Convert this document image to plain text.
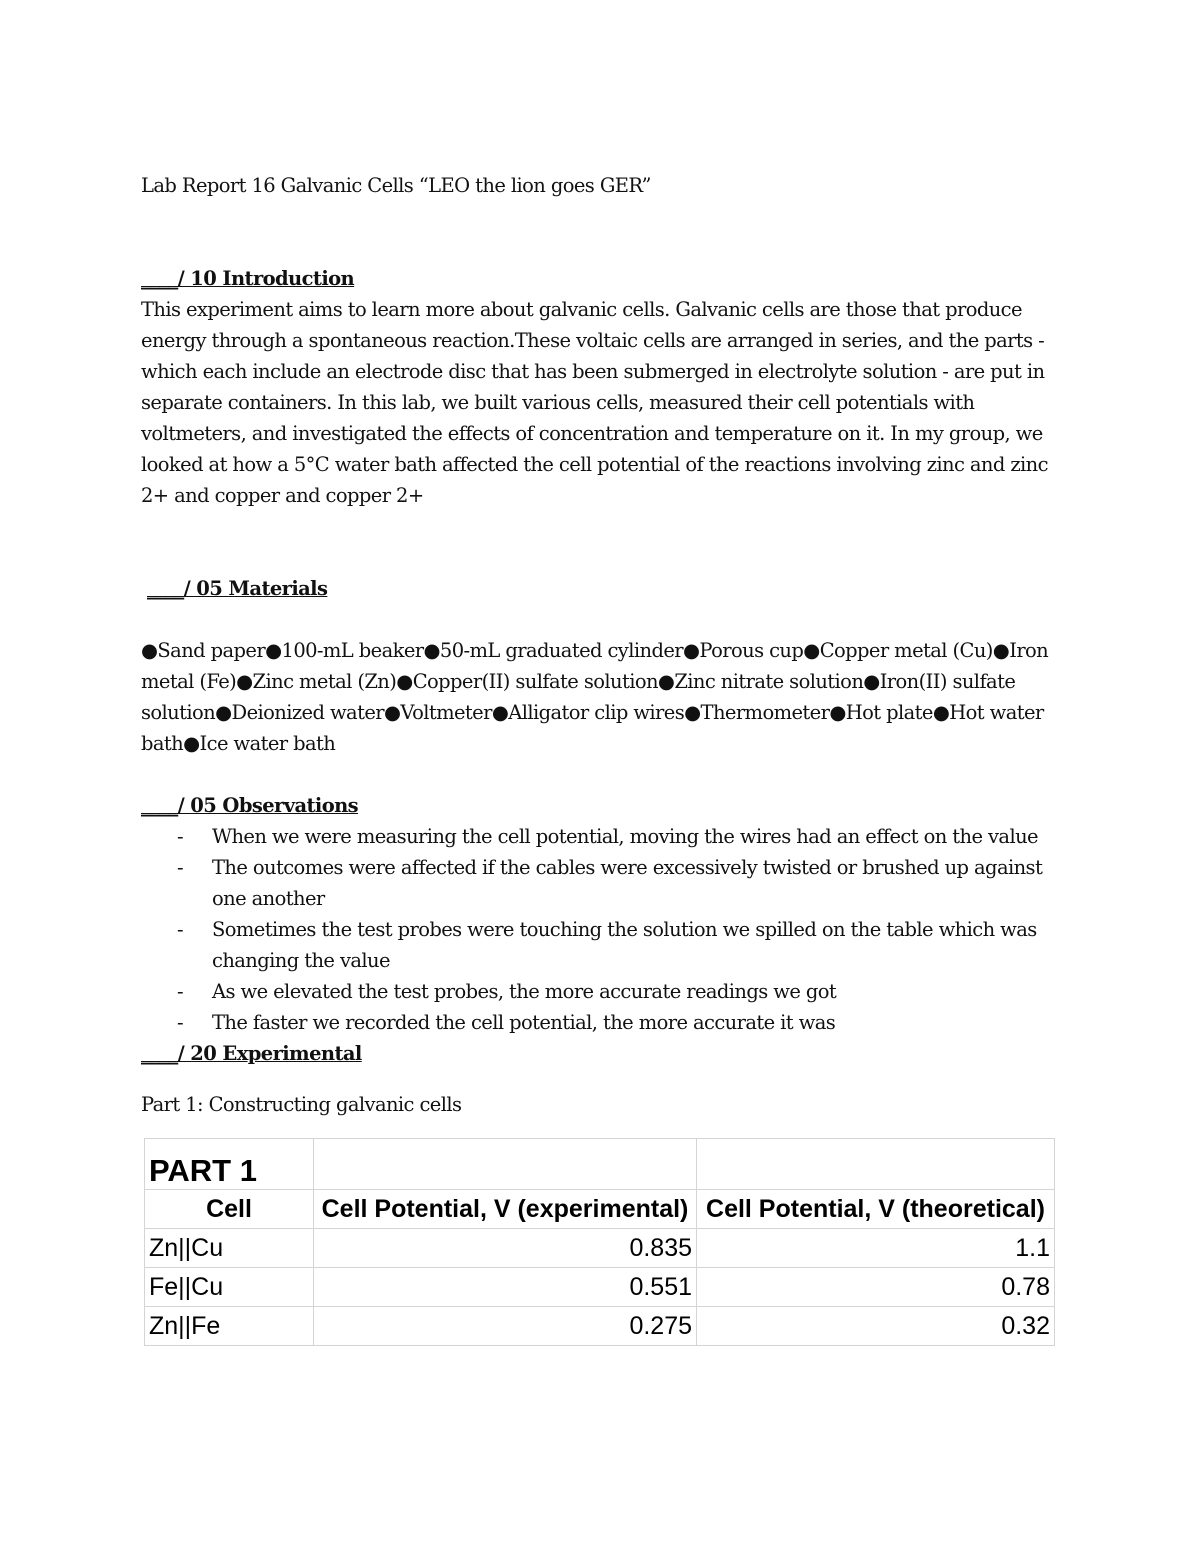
Lab Report 16 Galvanic Cells “LEO the lion goes GER”

____/ 10 Introduction

This experiment aims to learn more about galvanic cells. Galvanic cells are those that produce energy through a spontaneous reaction.These voltaic cells are arranged in series, and the parts - which each include an electrode disc that has been submerged in electrolyte solution - are put in separate containers. In this lab, we built various cells, measured their cell potentials with voltmeters, and investigated the effects of concentration and temperature on it. In my group, we looked at how a 5°C water bath affected the cell potential of the reactions involving zinc and zinc 2+ and copper and copper 2+

____/ 05 Materials

●Sand paper●100-mL beaker●50-mL graduated cylinder●Porous cup●Copper metal (Cu)●Iron metal (Fe)●Zinc metal (Zn)●Copper(II) sulfate solution●Zinc nitrate solution●Iron(II) sulfate solution●Deionized water●Voltmeter●Alligator clip wires●Thermometer●Hot plate●Hot water bath●Ice water bath

____/ 05 Observations

- When we were measuring the cell potential, moving the wires had an effect on the value
- The outcomes were affected if the cables were excessively twisted or brushed up against one another
- Sometimes the test probes were touching the solution we spilled on the table which was changing the value
- As we elevated the test probes, the more accurate readings we got
- The faster we recorded the cell potential, the more accurate it was

____/ 20 Experimental

Part 1: Constructing galvanic cells

PART 1		
Cell	Cell Potential, V (experimental)	Cell Potential, V (theoretical)
Zn||Cu	0.835	1.1
Fe||Cu	0.551	0.78
Zn||Fe	0.275	0.32
